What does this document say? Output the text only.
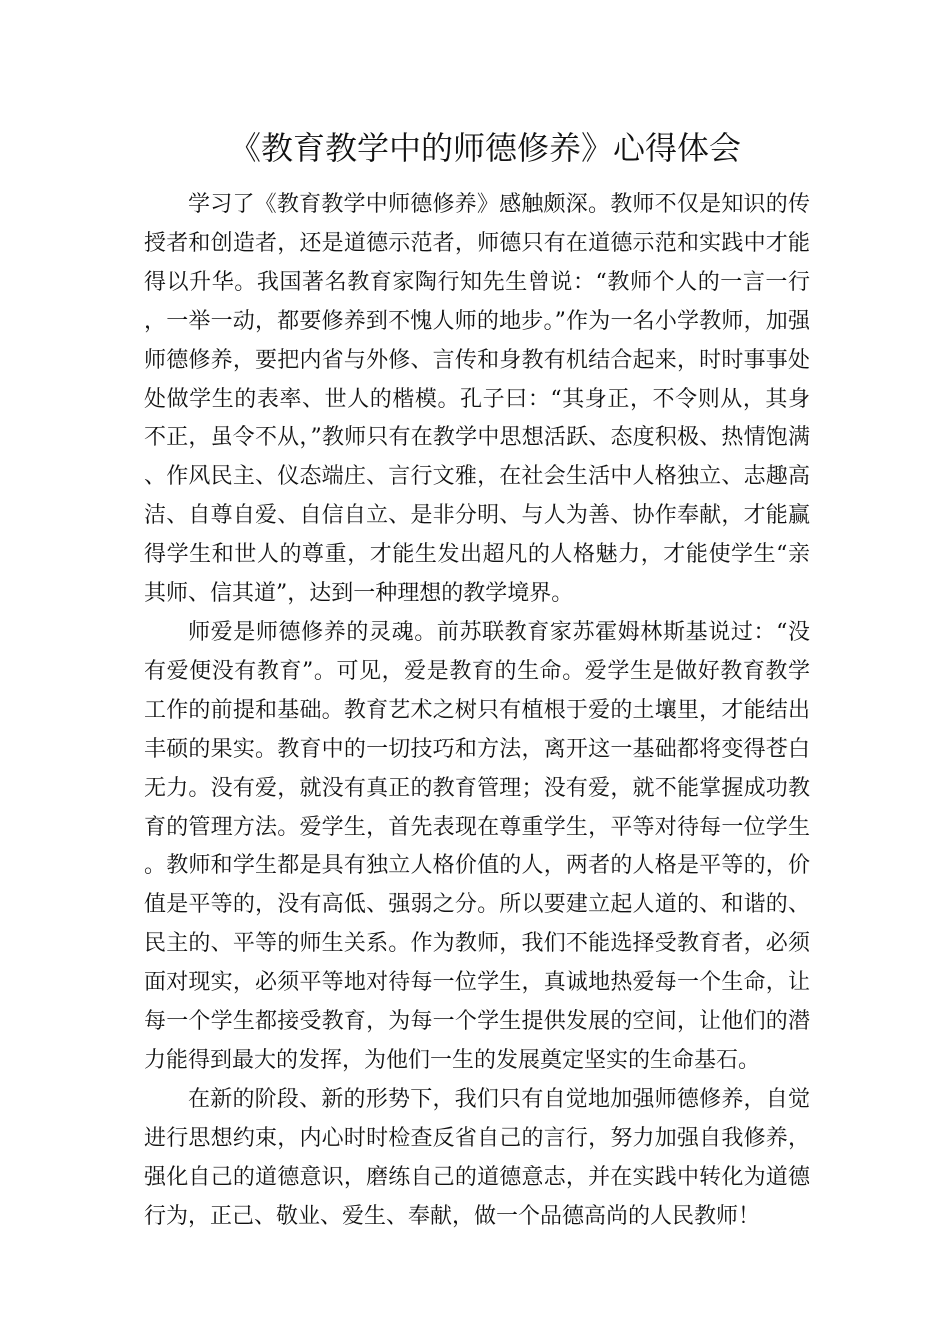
《教育教学中的师德修养》心得体会

学习了《教育教学中师德修养》感触颇深。教师不仅是知识的传授者和创造者，还是道德示范者，师德只有在道德示范和实践中才能得以升华。我国著名教育家陶行知先生曾说：“教师个人的一言一行，一举一动，都要修养到不愧人师的地步。”作为一名小学教师，加强师德修养，要把内省与外修、言传和身教有机结合起来，时时事事处处做学生的表率、世人的楷模。孔子曰：“其身正，不令则从，其身不正，虽令不从，”教师只有在教学中思想活跃、态度积极、热情饱满、作风民主、仪态端庄、言行文雅，在社会生活中人格独立、志趣高洁、自尊自爱、自信自立、是非分明、与人为善、协作奉献，才能赢得学生和世人的尊重，才能生发出超凡的人格魅力，才能使学生“亲其师、信其道”，达到一种理想的教学境界。

师爱是师德修养的灵魂。前苏联教育家苏霍姆林斯基说过：“没有爱便没有教育”。可见，爱是教育的生命。爱学生是做好教育教学工作的前提和基础。教育艺术之树只有植根于爱的土壤里，才能结出丰硕的果实。教育中的一切技巧和方法，离开这一基础都将变得苍白无力。没有爱，就没有真正的教育管理；没有爱，就不能掌握成功教育的管理方法。爱学生，首先表现在尊重学生，平等对待每一位学生。教师和学生都是具有独立人格价值的人，两者的人格是平等的，价值是平等的，没有高低、强弱之分。所以要建立起人道的、和谐的、民主的、平等的师生关系。作为教师，我们不能选择受教育者，必须面对现实，必须平等地对待每一位学生，真诚地热爱每一个生命，让每一个学生都接受教育，为每一个学生提供发展的空间，让他们的潜力能得到最大的发挥，为他们一生的发展奠定坚实的生命基石。

在新的阶段、新的形势下，我们只有自觉地加强师德修养，自觉进行思想约束，内心时时检查反省自己的言行，努力加强自我修养，强化自己的道德意识，磨练自己的道德意志，并在实践中转化为道德行为，正己、敬业、爱生、奉献，做一个品德高尚的人民教师！
